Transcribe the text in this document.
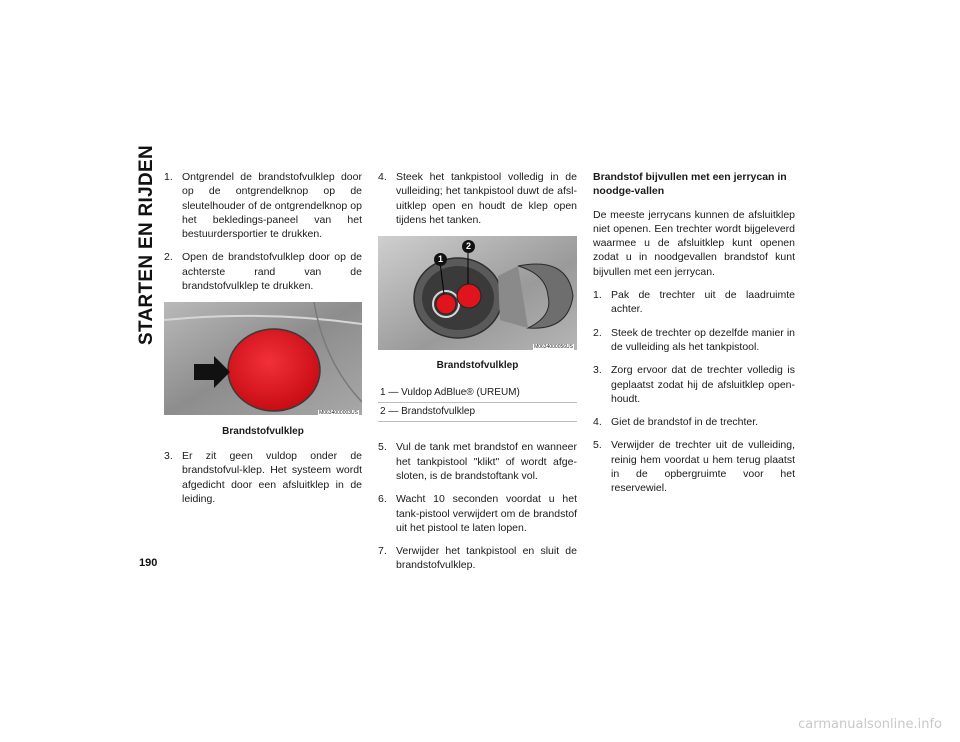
STARTEN EN RIJDEN
190
1. Ontgrendel de brandstofvulklep door op de ontgrendelknop op de sleutelhouder of de ontgrendelknop op het bekledings-paneel van het bestuurdersportier te drukken.
2. Open de brandstofvulklep door op de achterste rand van de brandstofvulklep te drukken.
M0634000003US
Brandstofvulklep
3. Er zit geen vuldop onder de brandstofvul-klep. Het systeem wordt afgedicht door een afsluitklep in de leiding.
4. Steek het tankpistool volledig in de vulleiding; het tankpistool duwt de afsl-uitklep open en houdt de klep open tijdens het tanken.
1
2
M0634000056US
Brandstofvulklep
1 — Vuldop AdBlue® (UREUM)
2 — Brandstofvulklep
5. Vul de tank met brandstof en wanneer het tankpistool "klikt" of wordt afge-sloten, is de brandstoftank vol.
6. Wacht 10 seconden voordat u het tank-pistool verwijdert om de brandstof uit het pistool te laten lopen.
7. Verwijder het tankpistool en sluit de brandstofvulklep.
Brandstof bijvullen met een jerrycan in noodge-vallen
De meeste jerrycans kunnen de afsluitklep niet openen. Een trechter wordt bijgeleverd waarmee u de afsluitklep kunt openen zodat u in noodgevallen brandstof kunt bijvullen met een jerrycan.
1. Pak de trechter uit de laadruimte achter.
2. Steek de trechter op dezelfde manier in de vulleiding als het tankpistool.
3. Zorg ervoor dat de trechter volledig is geplaatst zodat hij de afsluitklep open-houdt.
4. Giet de brandstof in de trechter.
5. Verwijder de trechter uit de vulleiding, reinig hem voordat u hem terug plaatst in de opbergruimte voor het reservewiel.
carmanualsonline.info
